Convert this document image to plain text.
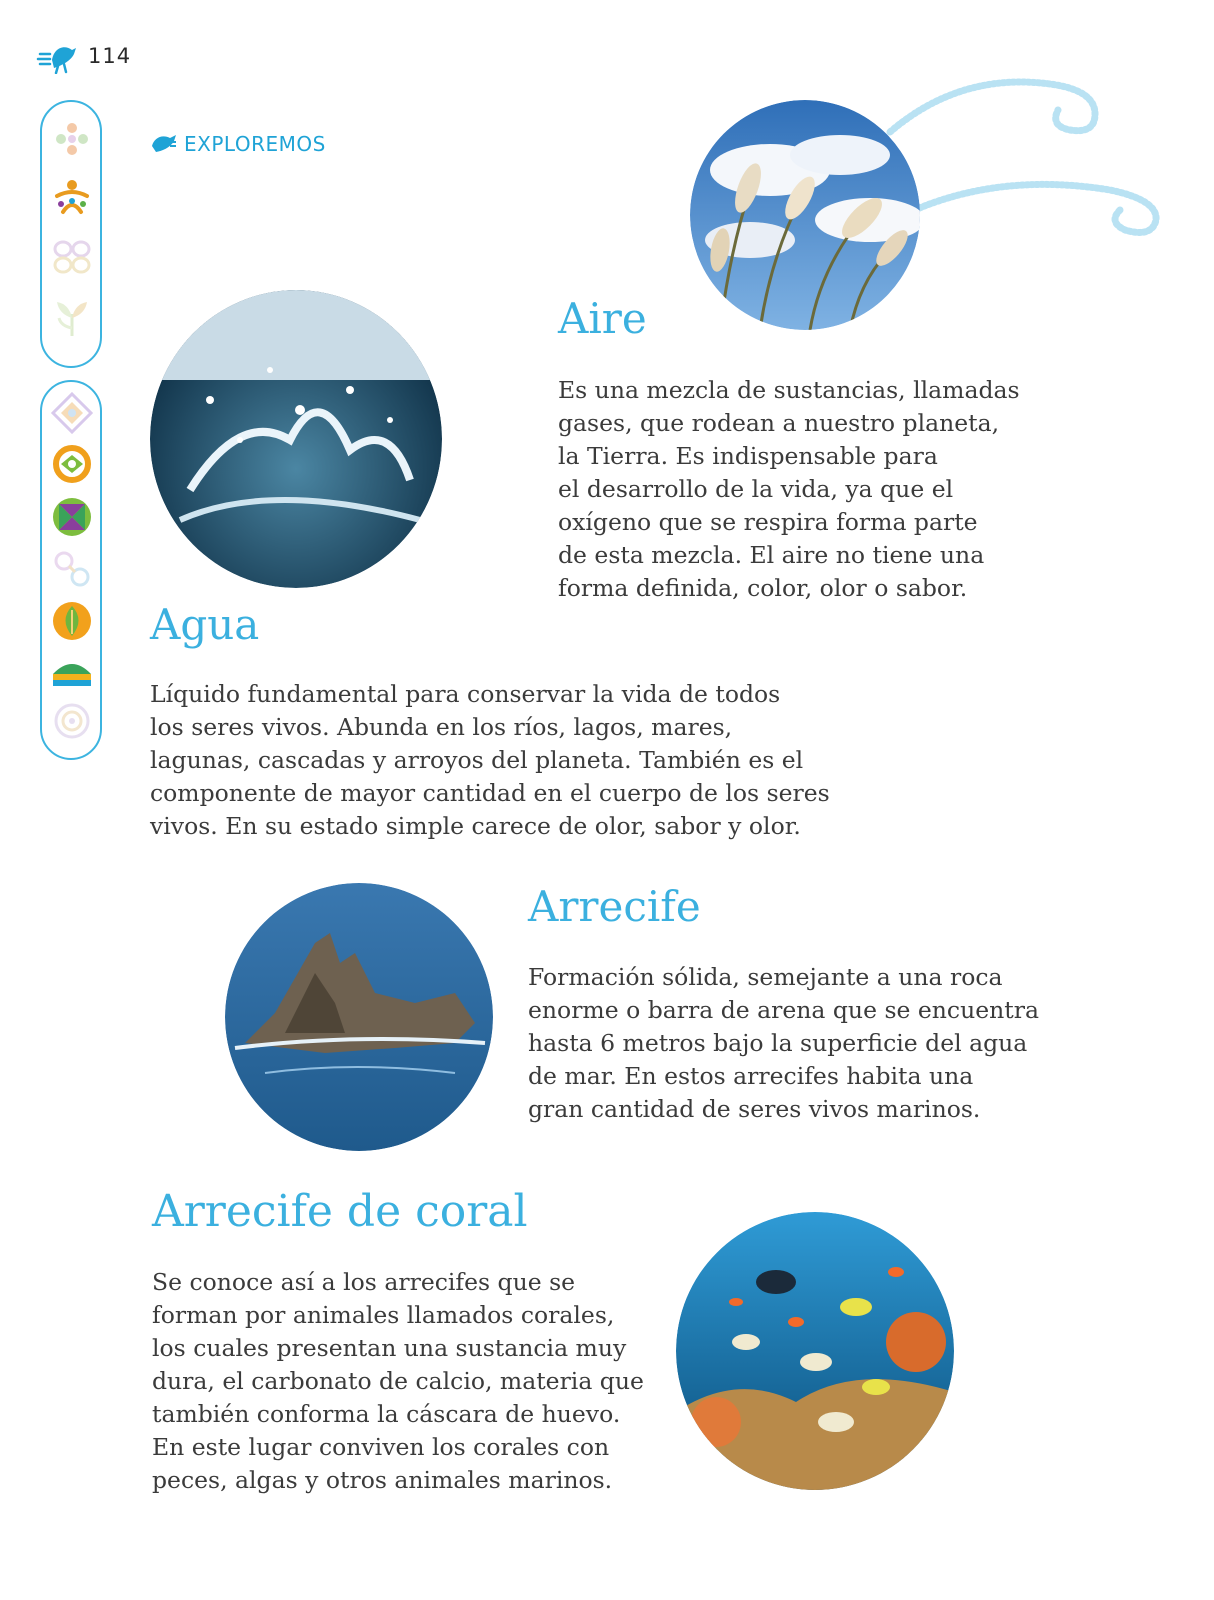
114
EXPLOREMOS
Aire

Es una mezcla de sustancias, llamadas
gases, que rodean a nuestro planeta,
la Tierra. Es indispensable para
el desarrollo de la vida, ya que el
oxígeno que se respira forma parte
de esta mezcla. El aire no tiene una
forma definida, color, olor o sabor.

Agua

Líquido fundamental para conservar la vida de todos
los seres vivos. Abunda en los ríos, lagos, mares,
lagunas, cascadas y arroyos del planeta. También es el
componente de mayor cantidad en el cuerpo de los seres
vivos. En su estado simple carece de olor, sabor y olor.

Arrecife

Formación sólida, semejante a una roca
enorme o barra de arena que se encuentra
hasta 6 metros bajo la superficie del agua
de mar. En estos arrecifes habita una
gran cantidad de seres vivos marinos.

Arrecife de coral

Se conoce así a los arrecifes que se
forman por animales llamados corales,
los cuales presentan una sustancia muy
dura, el carbonato de calcio, materia que
también conforma la cáscara de huevo.
En este lugar conviven los corales con
peces, algas y otros animales marinos.
